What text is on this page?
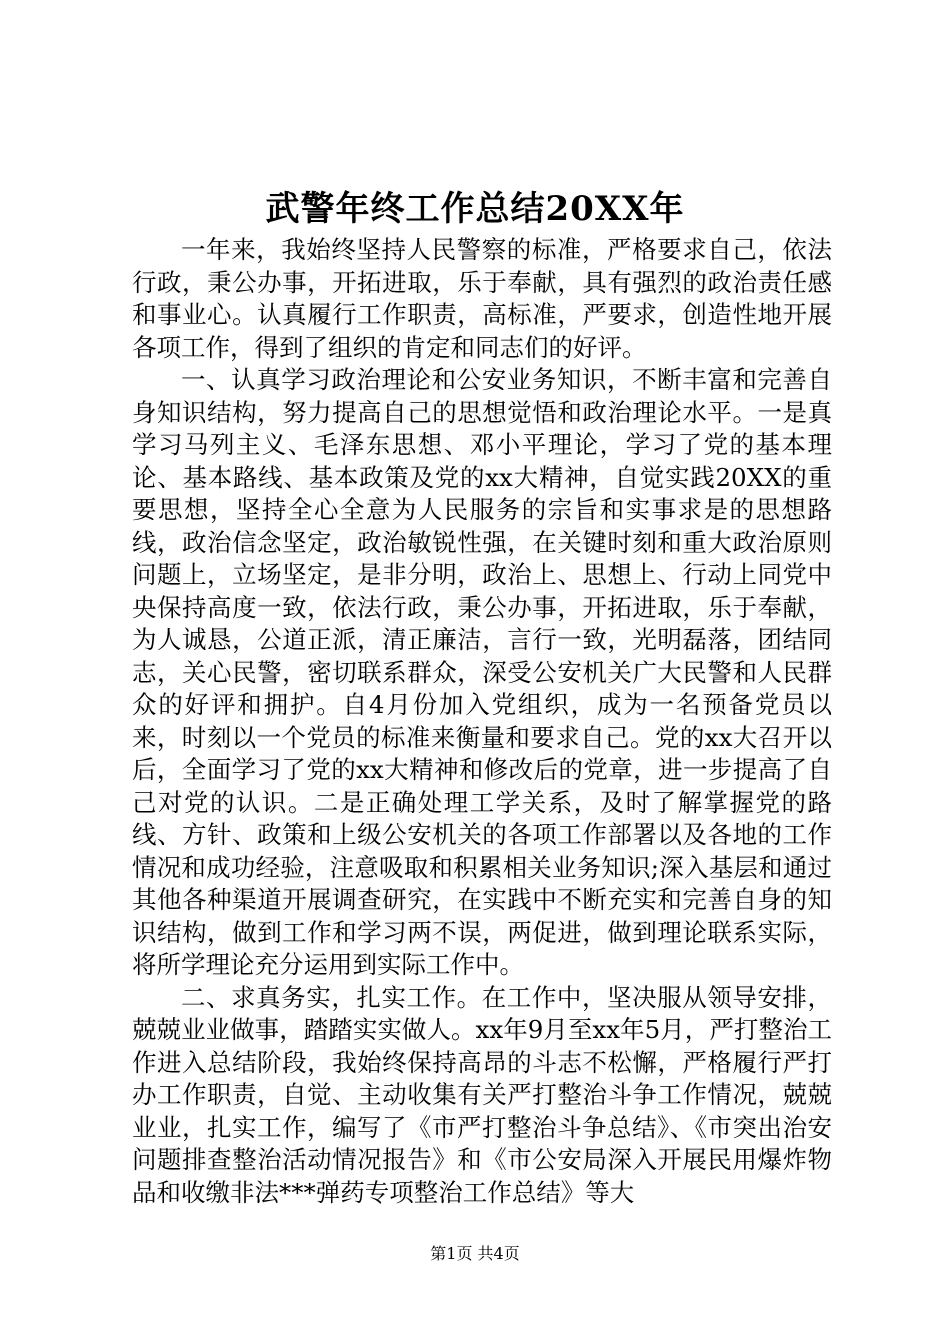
武警年终工作总结20XX年

一年来，我始终坚持人民警察的标准，严格要求自己，依法行政，秉公办事，开拓进取，乐于奉献，具有强烈的政治责任感和事业心。认真履行工作职责，高标准，严要求，创造性地开展各项工作，得到了组织的肯定和同志们的好评。

一、认真学习政治理论和公安业务知识，不断丰富和完善自身知识结构，努力提高自己的思想觉悟和政治理论水平。一是真学习马列主义、毛泽东思想、邓小平理论，学习了党的基本理论、基本路线、基本政策及党的xx大精神，自觉实践20XX的重要思想，坚持全心全意为人民服务的宗旨和实事求是的思想路线，政治信念坚定，政治敏锐性强，在关键时刻和重大政治原则问题上，立场坚定，是非分明，政治上、思想上、行动上同党中央保持高度一致，依法行政，秉公办事，开拓进取，乐于奉献，为人诚恳，公道正派，清正廉洁，言行一致，光明磊落，团结同志，关心民警，密切联系群众，深受公安机关广大民警和人民群众的好评和拥护。自4月份加入党组织，成为一名预备党员以来，时刻以一个党员的标准来衡量和要求自己。党的xx大召开以后，全面学习了党的xx大精神和修改后的党章，进一步提高了自己对党的认识。二是正确处理工学关系，及时了解掌握党的路线、方针、政策和上级公安机关的各项工作部署以及各地的工作情况和成功经验，注意吸取和积累相关业务知识;深入基层和通过其他各种渠道开展调查研究，在实践中不断充实和完善自身的知识结构，做到工作和学习两不误，两促进，做到理论联系实际，将所学理论充分运用到实际工作中。

二、求真务实，扎实工作。在工作中，坚决服从领导安排，兢兢业业做事，踏踏实实做人。xx年9月至xx年5月，严打整治工作进入总结阶段，我始终保持高昂的斗志不松懈，严格履行严打办工作职责，自觉、主动收集有关严打整治斗争工作情况，兢兢业业，扎实工作，编写了《市严打整治斗争总结》、《市突出治安问题排查整治活动情况报告》和《市公安局深入开展民用爆炸物品和收缴非法***弹药专项整治工作总结》等大

第1页 共4页
